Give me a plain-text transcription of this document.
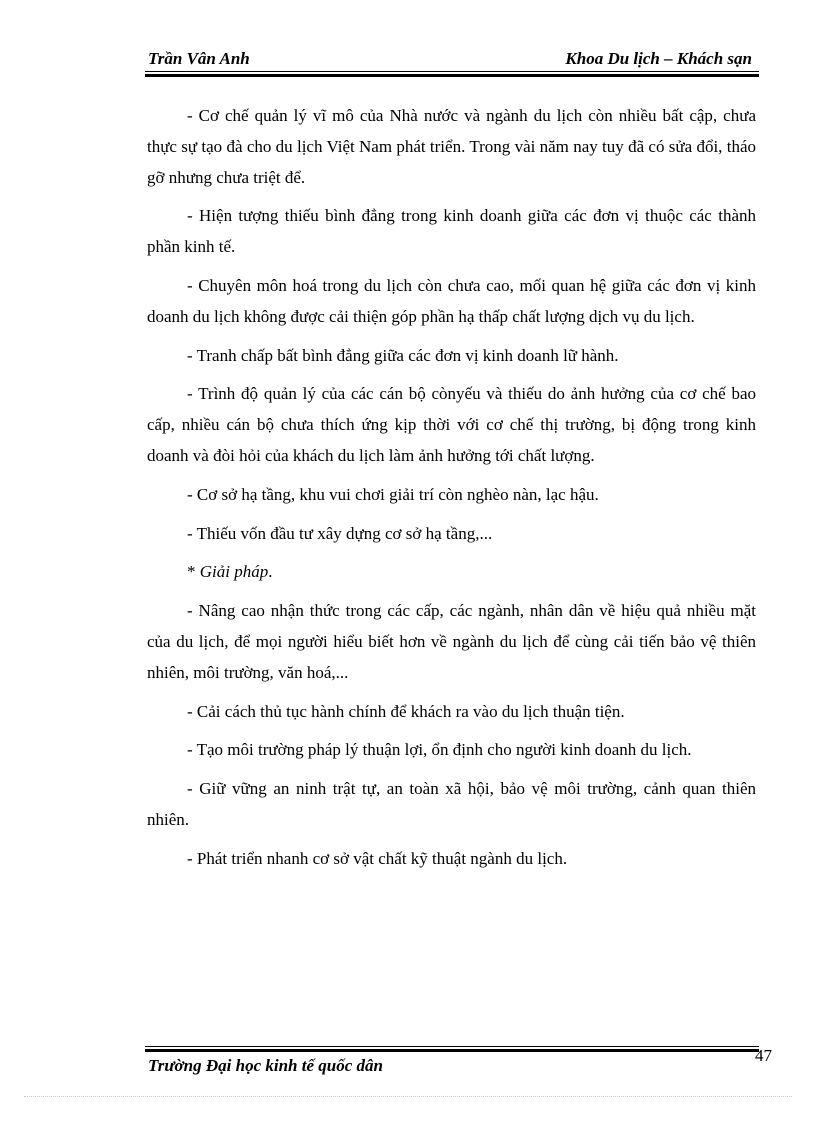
Trần Vân Anh	Khoa Du lịch – Khách sạn

- Cơ chế quản lý vĩ mô của Nhà nước và ngành du lịch còn nhiều bất cập, chưa thực sự tạo đà cho du lịch Việt Nam phát triển. Trong vài năm nay tuy đã có sửa đổi, tháo gỡ nhưng chưa triệt để.

- Hiện tượng thiếu bình đẳng trong kinh doanh giữa các đơn vị thuộc các thành phần kinh tế.

- Chuyên môn hoá trong du lịch còn chưa cao, mối quan hệ giữa các đơn vị kinh doanh du lịch không được cải thiện góp phần hạ thấp chất lượng dịch vụ du lịch.

- Tranh chấp bất bình đẳng giữa các đơn vị kinh doanh lữ hành.

- Trình độ quản lý của các cán bộ cònyếu và thiếu do ảnh hưởng của cơ chế bao cấp, nhiều cán bộ chưa thích ứng kịp thời với cơ chế thị trường, bị động trong kinh doanh và đòi hỏi của khách du lịch làm ảnh hưởng tới chất lượng.

- Cơ sở hạ tầng, khu vui chơi giải trí còn nghèo nàn, lạc hậu.

- Thiếu vốn đầu tư xây dựng cơ sở hạ tầng,...

* Giải pháp.

- Nâng cao nhận thức trong các cấp, các ngành, nhân dân về hiệu quả nhiều mặt của du lịch, để mọi người hiểu biết hơn về ngành du lịch để cùng cải tiến bảo vệ thiên nhiên, môi trường, văn hoá,...

- Cải cách thủ tục hành chính để khách ra vào du lịch thuận tiện.

- Tạo môi trường pháp lý thuận lợi, ổn định cho người kinh doanh du lịch.

- Giữ vững an ninh trật tự, an toàn xã hội, bảo vệ môi trường, cảnh quan thiên nhiên.

- Phát triển nhanh cơ sở vật chất kỹ thuật ngành du lịch.

Trường Đại học kinh tế quốc dân
47
